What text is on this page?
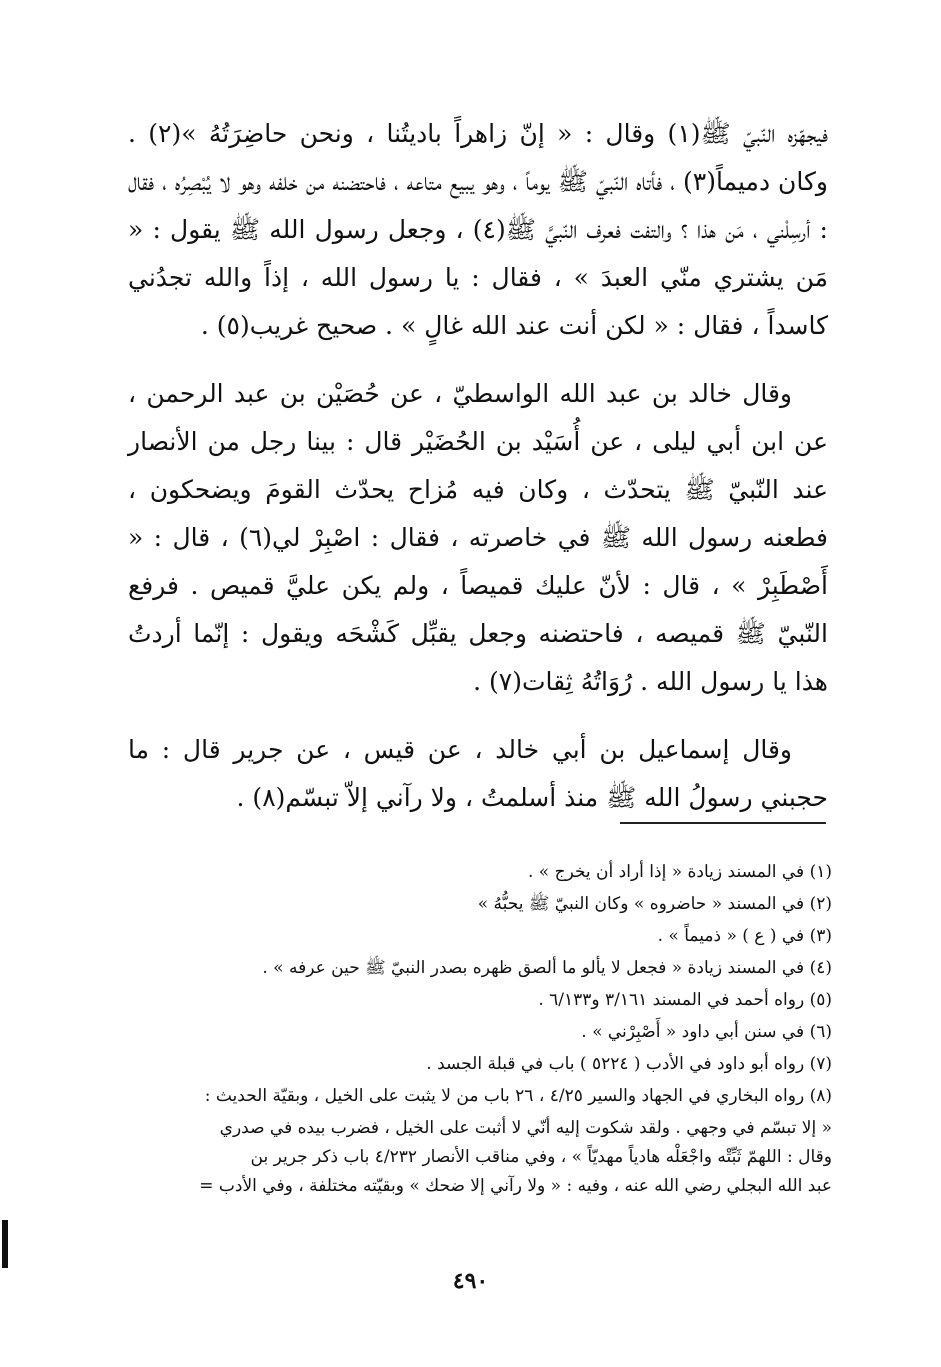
فيجهّزه النّبيّ ﷺ(١) وقال : « إنّ زاهراً باديتُنا ، ونحن حاضِرَتُهُ »(٢) . وكان دميماً(٣) ، فأتاه النّبيّ ﷺ يوماً ، وهو يبيع متاعه ، فاحتضنه من خلفه وهو لا يُبْصِرُه ، فقال : أرسِلْني ، مَن هذا ؟ والتفت فعرف النّبيَّ ﷺ(٤) ، وجعل رسول الله ﷺ يقول : « مَن يشتري منّي العبدَ » ، فقال : يا رسول الله ، إذاً والله تجدُني كاسداً ، فقال : « لكن أنت عند الله غالٍ » . صحيح غريب(٥) .

وقال خالد بن عبد الله الواسطيّ ، عن حُصَيْن بن عبد الرحمن ، عن ابن أبي ليلى ، عن أُسَيْد بن الحُضَيْر قال : بينا رجل من الأنصار عند النّبيّ ﷺ يتحدّث ، وكان فيه مُزاح يحدّث القومَ ويضحكون ، فطعنه رسول الله ﷺ في خاصرته ، فقال : اصْبِرْ لي(٦) ، قال : « أَصْطَبِرْ » ، قال : لأنّ عليك قميصاً ، ولم يكن عليَّ قميص . فرفع النّبيّ ﷺ قميصه ، فاحتضنه وجعل يقبِّل كَشْحَه ويقول : إنّما أردتُ هذا يا رسول الله . رُوَاتُهُ ثِقات(٧) .

وقال إسماعيل بن أبي خالد ، عن قيس ، عن جرير قال : ما حجبني رسولُ الله ﷺ منذ أسلمتُ ، ولا رآني إلاّ تبسّم(٨) .

(١) في المسند زيادة « إذا أراد أن يخرج » .

(٢) في المسند « حاضروه » وكان النبيّ ﷺ يحبُّهُ »

(٣) في ( ع ) « ذميماً » .

(٤) في المسند زيادة « فجعل لا يألو ما ألصق ظهره بصدر النبيّ ﷺ حين عرفه » .

(٥) رواه أحمد في المسند ٣/١٦١ و٦/١٣٣ .

(٦) في سنن أبي داود « أَصْبِرْني » .

(٧) رواه أبو داود في الأدب ( ٥٢٢٤ ) باب في قبلة الجسد .

(٨) رواه البخاري في الجهاد والسير ٤/٢٥ ، ٢٦ باب من لا يثبت على الخيل ، وبقيّة الحديث :

« إلا تبسّم في وجهي . ولقد شكوت إليه أنّي لا أثبت على الخيل ، فضرب بيده في صدري

وقال : اللهمّ ثَبِّتْه واجْعَلْه هادياً مهديّاً » ، وفي مناقب الأنصار ٤/٢٣٢ باب ذكر جرير بن

عبد الله البجلي رضي الله عنه ، وفيه : « ولا رآني إلا ضحك » وبقيّته مختلفة ، وفي الأدب =

٤٩٠
